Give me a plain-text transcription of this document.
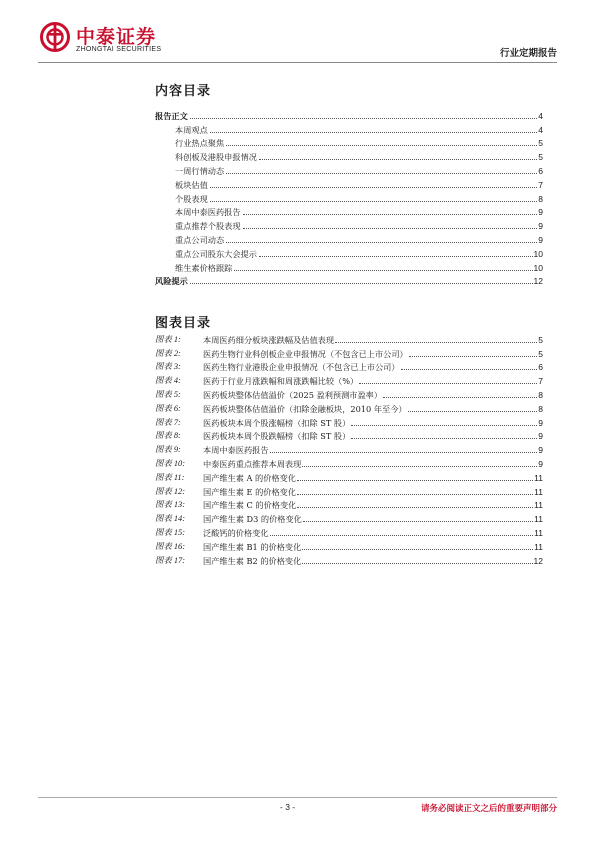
中泰证券
ZHONGTAI SECURITIES	行业定期报告
内容目录
报告正文	4
本周观点	4
行业热点聚焦	5
科创板及港股申报情况	5
一周行情动态	6
板块估值	7
个股表现	8
本周中泰医药报告	9
重点推荐个股表现	9
重点公司动态	9
重点公司股东大会提示	10
维生素价格跟踪	10
风险提示	12
图表目录
图表 1:	本周医药细分板块涨跌幅及估值表现	5
图表 2:	医药生物行业科创板企业申报情况（不包含已上市公司）	5
图表 3:	医药生物行业港股企业申报情况（不包含已上市公司）	6
图表 4:	医药于行业月涨跌幅和周涨跌幅比较（%）	7
图表 5:	医药板块整体估值溢价（2025 盈利预测市盈率）	8
图表 6:	医药板块整体估值溢价（扣除金融板块，2010 年至今）	8
图表 7:	医药板块本周个股涨幅榜（扣除 ST 股）	9
图表 8:	医药板块本周个股跌幅榜（扣除 ST 股）	9
图表 9:	本周中泰医药报告	9
图表 10:	中泰医药重点推荐本周表现	9
图表 11:	国产维生素 A 的价格变化	11
图表 12:	国产维生素 E 的价格变化	11
图表 13:	国产维生素 C 的价格变化	11
图表 14:	国产维生素 D3 的价格变化	11
图表 15:	泛酸钙的价格变化	11
图表 16:	国产维生素 B1 的价格变化	11
图表 17:	国产维生素 B2 的价格变化	12
- 3 -	请务必阅读正文之后的重要声明部分
